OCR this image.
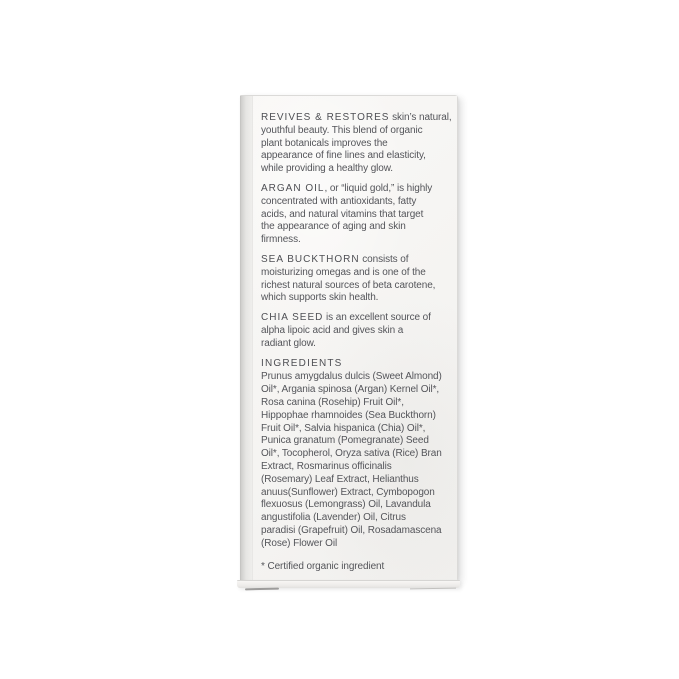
REVIVES & RESTORES skin’s natural,
youthful beauty. This blend of organic
plant botanicals improves the
appearance of fine lines and elasticity,
while providing a healthy glow.
ARGAN OIL, or “liquid gold,” is highly
concentrated with antioxidants, fatty
acids, and natural vitamins that target
the appearance of aging and skin
firmness.
SEA BUCKTHORN consists of
moisturizing omegas and is one of the
richest natural sources of beta carotene,
which supports skin health.
CHIA SEED is an excellent source of
alpha lipoic acid and gives skin a
radiant glow.
INGREDIENTS
Prunus amygdalus dulcis (Sweet Almond)
Oil*, Argania spinosa (Argan) Kernel Oil*,
Rosa canina (Rosehip) Fruit Oil*,
Hippophae rhamnoides (Sea Buckthorn)
Fruit Oil*, Salvia hispanica (Chia) Oil*,
Punica granatum (Pomegranate) Seed
Oil*, Tocopherol, Oryza sativa (Rice) Bran
Extract, Rosmarinus officinalis
(Rosemary) Leaf Extract, Helianthus
anuus(Sunflower) Extract, Cymbopogon
flexuosus (Lemongrass) Oil, Lavandula
angustifolia (Lavender) Oil, Citrus
paradisi (Grapefruit) Oil, Rosadamascena
(Rose) Flower Oil
* Certified organic ingredient
